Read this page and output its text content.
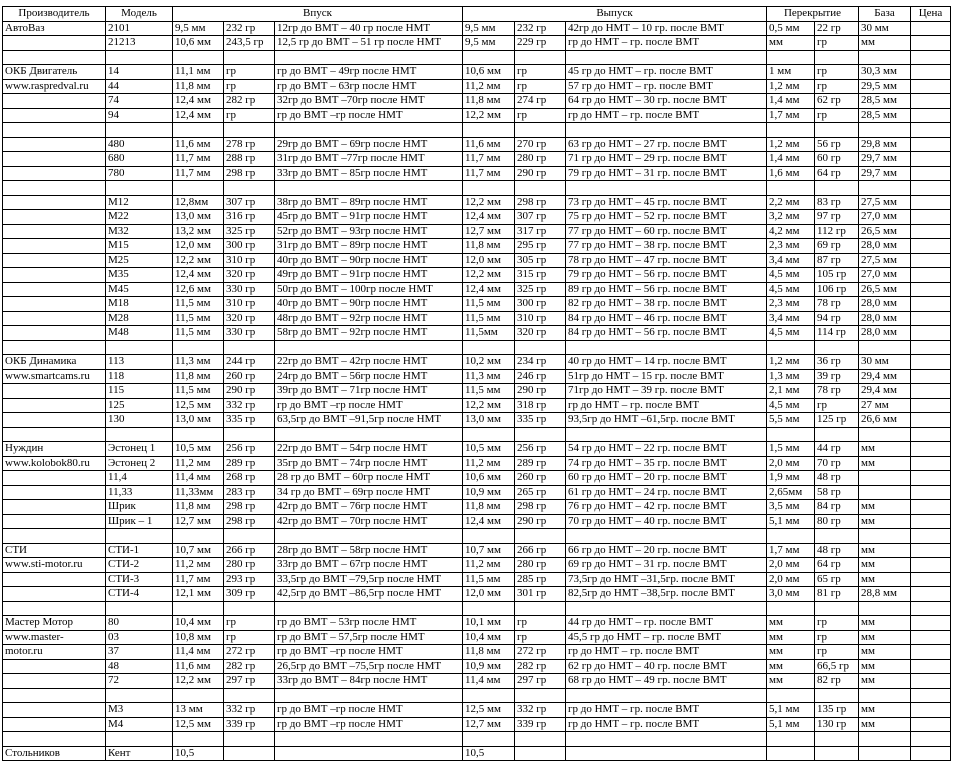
Производитель	Модель	Впуск			Выпуск			Перекрытие		База	Цена
АвтоВаз	2101	9,5 мм	232 гр	12гр до ВМТ – 40 гр после НМТ	9,5 мм	232 гр	42гр до НМТ – 10 гр. после ВМТ	0,5 мм	22 гр	30 мм	
	21213	10,6 мм	243,5 гр	12,5 гр до ВМТ – 51 гр после НМТ	9,5 мм	229 гр	гр до НМТ – гр. после ВМТ	мм	гр	мм	

ОКБ Двигатель	14	11,1 мм	гр	гр до ВМТ – 49гр после НМТ	10,6 мм	гр	45 гр до НМТ – гр. после ВМТ	1 мм	гр	30,3 мм	
www.raspredval.ru	44	11,8 мм	гр	гр до ВМТ – 63гр после НМТ	11,2 мм	гр	57 гр до НМТ – гр. после ВМТ	1,2 мм	гр	29,5 мм	
	74	12,4 мм	282 гр	32гр до ВМТ –70гр после НМТ	11,8 мм	274 гр	64 гр до НМТ – 30 гр. после ВМТ	1,4 мм	62 гр	28,5 мм	
	94	12,4 мм	гр	гр до ВМТ –гр после НМТ	12,2 мм	гр	гр до НМТ – гр. после ВМТ	1,7 мм	гр	28,5 мм	

	480	11,6 мм	278 гр	29гр до ВМТ – 69гр после НМТ	11,6 мм	270 гр	63 гр до НМТ – 27 гр. после ВМТ	1,2 мм	56 гр	29,8 мм	
	680	11,7 мм	288 гр	31гр до ВМТ –77гр после НМТ	11,7 мм	280 гр	71 гр до НМТ – 29 гр. после ВМТ	1,4 мм	60 гр	29,7 мм	
	780	11,7 мм	298 гр	33гр до ВМТ – 85гр после НМТ	11,7 мм	290 гр	79 гр до НМТ – 31 гр. после ВМТ	1,6 мм	64 гр	29,7 мм	

	М12	12,8мм	307 гр	38гр до ВМТ – 89гр после НМТ	12,2 мм	298 гр	73 гр до НМТ – 45 гр. после ВМТ	2,2 мм	83 гр	27,5 мм	
	М22	13,0 мм	316 гр	45гр до ВМТ – 91гр после НМТ	12,4 мм	307 гр	75 гр до НМТ – 52 гр. после ВМТ	3,2 мм	97 гр	27,0 мм	
	М32	13,2 мм	325 гр	52гр до ВМТ – 93гр после НМТ	12,7 мм	317 гр	77 гр до НМТ – 60 гр. после ВМТ	4,2 мм	112 гр	26,5 мм	
	М15	12,0 мм	300 гр	31гр до ВМТ – 89гр после НМТ	11,8 мм	295 гр	77 гр до НМТ – 38 гр. после ВМТ	2,3 мм	69 гр	28,0 мм	
	М25	12,2 мм	310 гр	40гр до ВМТ – 90гр после НМТ	12,0 мм	305 гр	78 гр до НМТ – 47 гр. после ВМТ	3,4 мм	87 гр	27,5 мм	
	М35	12,4 мм	320 гр	49гр до ВМТ – 91гр после НМТ	12,2 мм	315 гр	79 гр до НМТ – 56 гр. после ВМТ	4,5 мм	105 гр	27,0 мм	
	М45	12,6 мм	330 гр	50гр до ВМТ – 100гр после НМТ	12,4 мм	325 гр	89 гр до НМТ – 56 гр. после ВМТ	4,5 мм	106 гр	26,5 мм	
	М18	11,5 мм	310 гр	40гр до ВМТ – 90гр после НМТ	11,5 мм	300 гр	82 гр до НМТ – 38 гр. после ВМТ	2,3 мм	78 гр	28,0 мм	
	М28	11,5 мм	320 гр	48гр до ВМТ – 92гр после НМТ	11,5 мм	310 гр	84 гр до НМТ – 46 гр. после ВМТ	3,4 мм	94 гр	28,0 мм	
	М48	11,5 мм	330 гр	58гр до ВМТ – 92гр после НМТ	11,5мм	320 гр	84 гр до НМТ – 56 гр. после ВМТ	4,5 мм	114 гр	28,0 мм	

ОКБ Динамика	113	11,3 мм	244 гр	22гр до ВМТ – 42гр после НМТ	10,2 мм	234 гр	40 гр до НМТ – 14 гр. после ВМТ	1,2 мм	36 гр	30 мм	
www.smartcams.ru	118	11,8 мм	260 гр	24гр до ВМТ – 56гр после НМТ	11,3 мм	246 гр	51гр до НМТ – 15 гр. после ВМТ	1,3 мм	39 гр	29,4 мм	
	115	11,5 мм	290 гр	39гр до ВМТ – 71гр после НМТ	11,5 мм	290 гр	71гр до НМТ – 39 гр. после ВМТ	2,1 мм	78 гр	29,4 мм	
	125	12,5 мм	332 гр	гр до ВМТ –гр после НМТ	12,2 мм	318 гр	гр до НМТ – гр. после ВМТ	4,5 мм	гр	27 мм	
	130	13,0 мм	335 гр	63,5гр до ВМТ –91,5гр после НМТ	13,0 мм	335 гр	93,5гр до НМТ –61,5гр. после ВМТ	5,5 мм	125 гр	26,6 мм	

Нуждин	Эстонец 1	10,5 мм	256 гр	22гр до ВМТ – 54гр после НМТ	10,5 мм	256 гр	54 гр до НМТ – 22 гр. после ВМТ	1,5 мм	44 гр	мм	
www.kolobok80.ru	Эстонец 2	11,2 мм	289 гр	35гр до ВМТ – 74гр после НМТ	11,2 мм	289 гр	74 гр до НМТ – 35 гр. после ВМТ	2,0 мм	70 гр	мм	
	11,4	11,4 мм	268 гр	28 гр до ВМТ – 60гр после НМТ	10,6 мм	260 гр	60 гр до НМТ – 20 гр. после ВМТ	1,9 мм	48 гр		
	11,33	11,33мм	283 гр	34 гр до ВМТ – 69гр после НМТ	10,9 мм	265 гр	61 гр до НМТ – 24 гр. после ВМТ	2,65мм	58 гр		
	Шрик	11,8 мм	298 гр	42гр до ВМТ – 76гр после НМТ	11,8 мм	298 гр	76 гр до НМТ – 42 гр. после ВМТ	3,5 мм	84 гр	мм	
	Шрик – 1	12,7 мм	298 гр	42гр до ВМТ – 70гр после НМТ	12,4 мм	290 гр	70 гр до НМТ – 40 гр. после ВМТ	5,1 мм	80 гр	мм	

СТИ	СТИ-1	10,7 мм	266 гр	28гр до ВМТ – 58гр после НМТ	10,7 мм	266 гр	66 гр до НМТ – 20 гр. после ВМТ	1,7 мм	48 гр	мм	
www.sti-motor.ru	СТИ-2	11,2 мм	280 гр	33гр до ВМТ – 67гр после НМТ	11,2 мм	280 гр	69 гр до НМТ – 31 гр. после ВМТ	2,0 мм	64 гр	мм	
	СТИ-3	11,7 мм	293 гр	33,5гр до ВМТ –79,5гр после НМТ	11,5 мм	285 гр	73,5гр до НМТ –31,5гр. после ВМТ	2,0 мм	65 гр	мм	
	СТИ-4	12,1 мм	309 гр	42,5гр до ВМТ –86,5гр после НМТ	12,0 мм	301 гр	82,5гр до НМТ –38,5гр. после ВМТ	3,0 мм	81 гр	28,8 мм	

Мастер Мотор	80	10,4 мм	гр	гр до ВМТ – 53гр после НМТ	10,1 мм	гр	44 гр до НМТ – гр. после ВМТ	мм	гр	мм	
www.master-	03	10,8 мм	гр	гр до ВМТ – 57,5гр после НМТ	10,4 мм	гр	45,5 гр до НМТ – гр. после ВМТ	мм	гр	мм	
motor.ru	37	11,4 мм	272 гр	гр до ВМТ –гр после НМТ	11,8 мм	272 гр	гр до НМТ – гр. после ВМТ	мм	гр	мм	
	48	11,6 мм	282 гр	26,5гр до ВМТ –75,5гр после НМТ	10,9 мм	282 гр	62 гр до НМТ – 40 гр. после ВМТ	мм	66,5 гр	мм	
	72	12,2 мм	297 гр	33гр до ВМТ – 84гр после НМТ	11,4 мм	297 гр	68 гр до НМТ – 49 гр. после ВМТ	мм	82 гр	мм	

	М3	13 мм	332 гр	гр до ВМТ –гр после НМТ	12,5 мм	332 гр	гр до НМТ – гр. после ВМТ	5,1 мм	135 гр	мм	
	М4	12,5 мм	339 гр	гр до ВМТ –гр после НМТ	12,7 мм	339 гр	гр до НМТ – гр. после ВМТ	5,1 мм	130 гр	мм	

Стольников	Кент	10,5			10,5						
